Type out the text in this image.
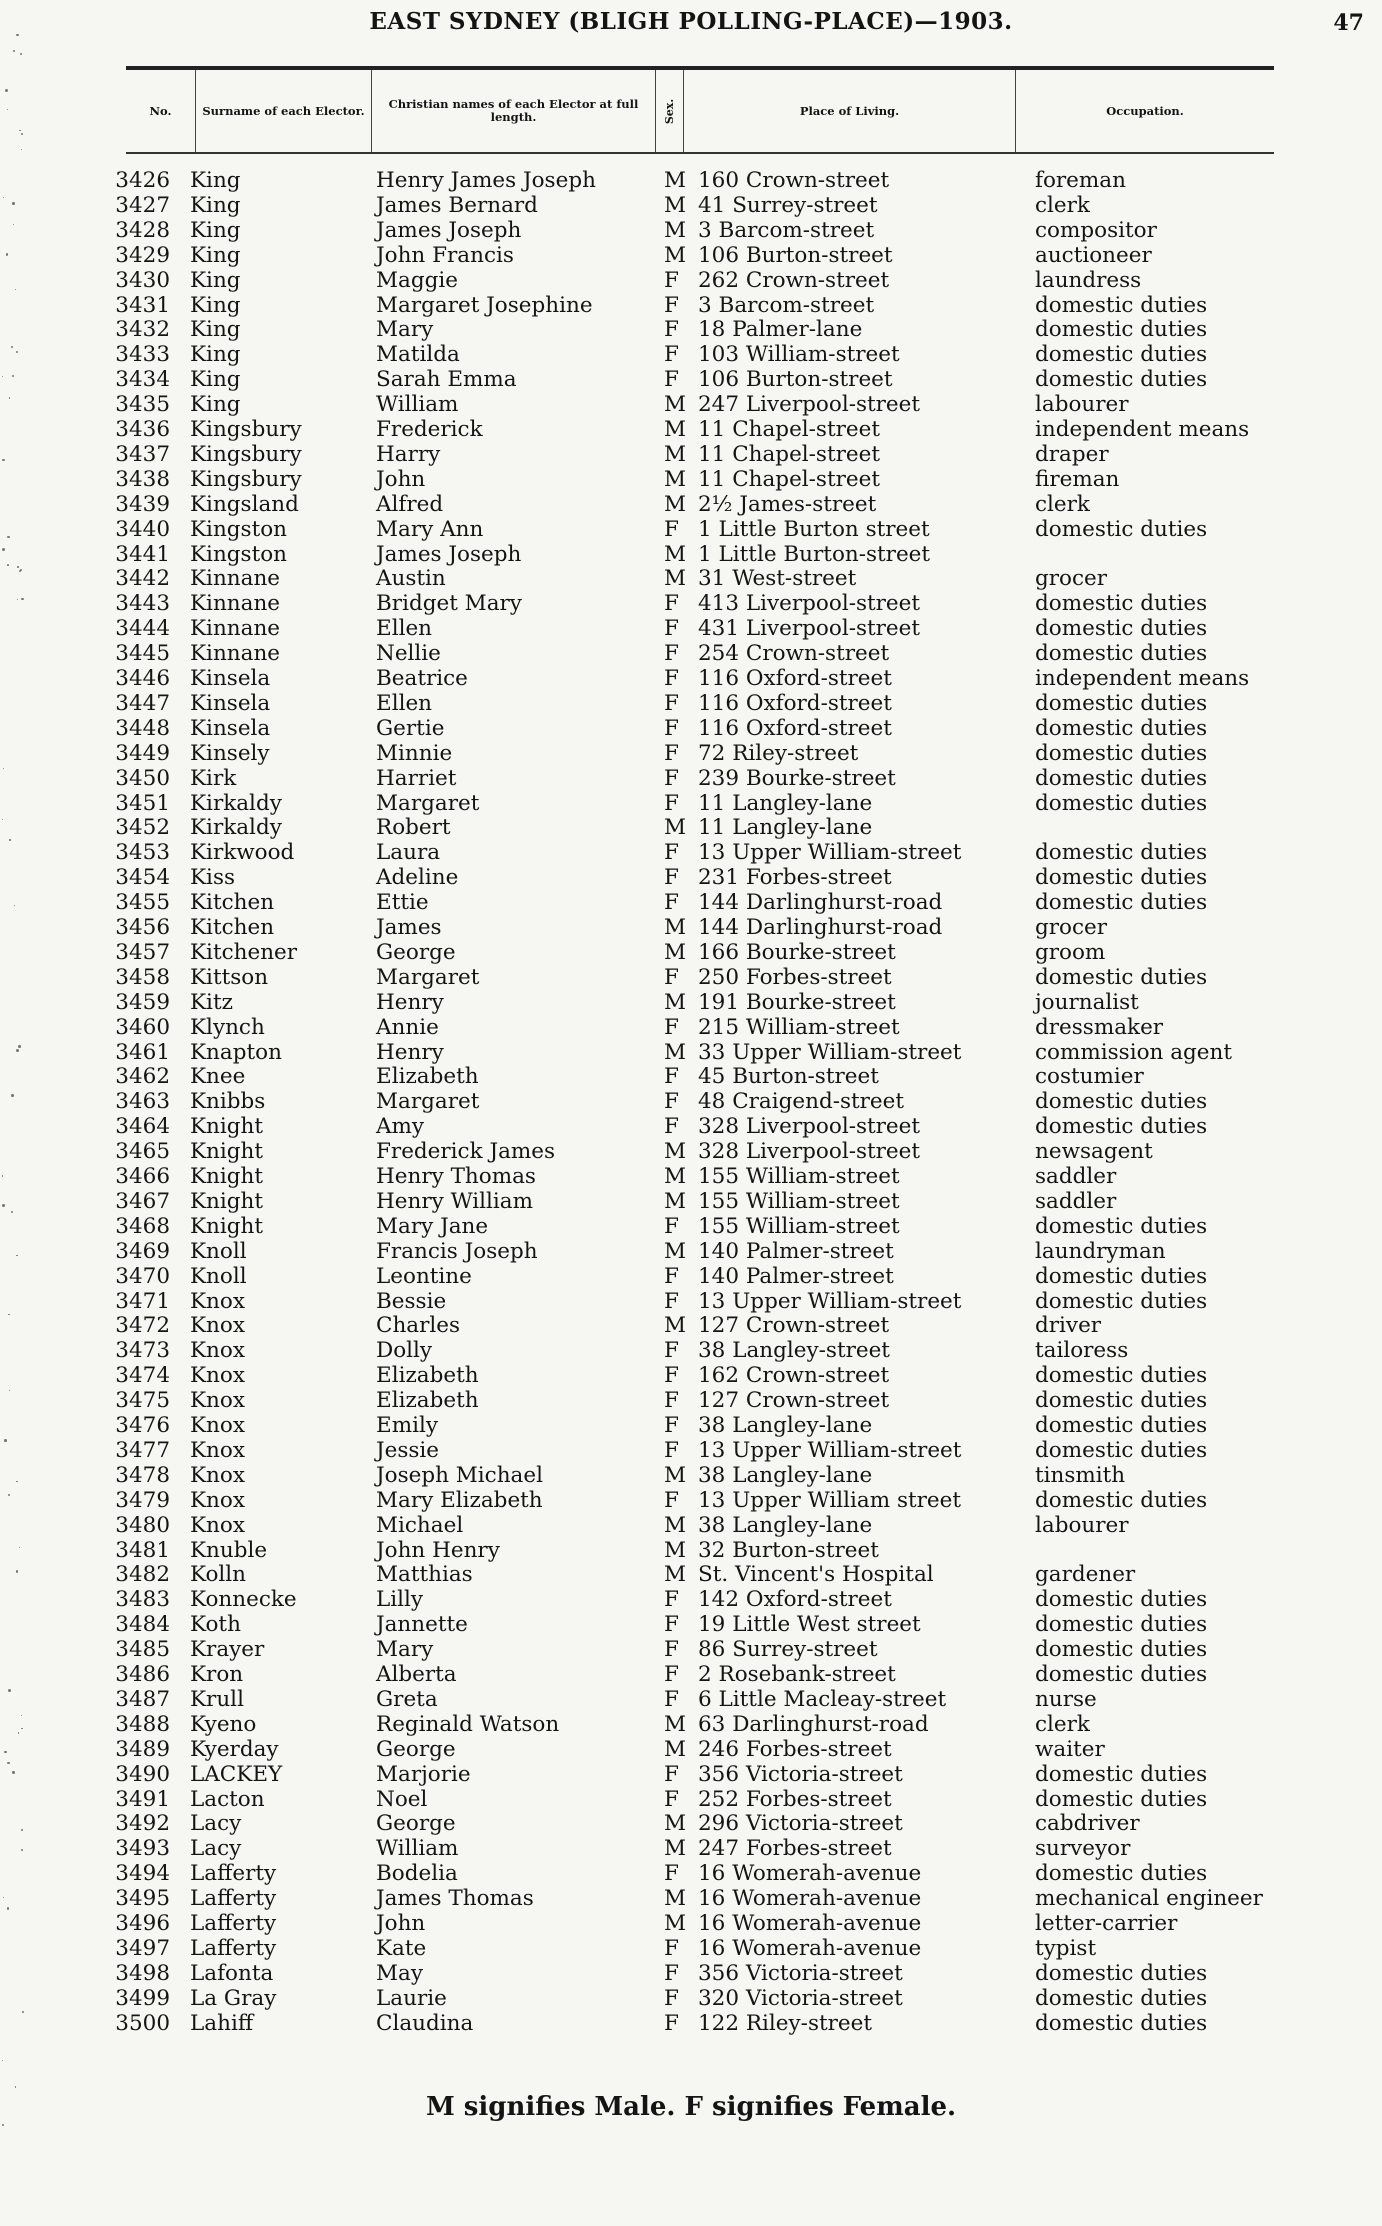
EAST SYDNEY (BLIGH POLLING-PLACE)—1903.	47
No.	Surname of each Elector.	Christian names of each Elector at full length.	Sex.	Place of Living.	Occupation.
3426 King	Henry James Joseph	M 160 Crown-street	foreman
3427 King	James Bernard	M 41 Surrey-street	clerk
3428 King	James Joseph	M 3 Barcom-street	compositor
3429 King	John Francis	M 106 Burton-street	auctioneer
3430 King	Maggie	F 262 Crown-street	laundress
3431 King	Margaret Josephine	F 3 Barcom-street	domestic duties
3432 King	Mary	F 18 Palmer-lane	domestic duties
3433 King	Matilda	F 103 William-street	domestic duties
3434 King	Sarah Emma	F 106 Burton-street	domestic duties
3435 King	William	M 247 Liverpool-street	labourer
3436 Kingsbury	Frederick	M 11 Chapel-street	independent means
3437 Kingsbury	Harry	M 11 Chapel-street	draper
3438 Kingsbury	John	M 11 Chapel-street	fireman
3439 Kingsland	Alfred	M 2½ James-street	clerk
3440 Kingston	Mary Ann	F 1 Little Burton street	domestic duties
3441 Kingston	James Joseph	M 1 Little Burton-street
3442 Kinnane	Austin	M 31 West-street	grocer
3443 Kinnane	Bridget Mary	F 413 Liverpool-street	domestic duties
3444 Kinnane	Ellen	F 431 Liverpool-street	domestic duties
3445 Kinnane	Nellie	F 254 Crown-street	domestic duties
3446 Kinsela	Beatrice	F 116 Oxford-street	independent means
3447 Kinsela	Ellen	F 116 Oxford-street	domestic duties
3448 Kinsela	Gertie	F 116 Oxford-street	domestic duties
3449 Kinsely	Minnie	F 72 Riley-street	domestic duties
3450 Kirk	Harriet	F 239 Bourke-street	domestic duties
3451 Kirkaldy	Margaret	F 11 Langley-lane	domestic duties
3452 Kirkaldy	Robert	M 11 Langley-lane
3453 Kirkwood	Laura	F 13 Upper William-street	domestic duties
3454 Kiss	Adeline	F 231 Forbes-street	domestic duties
3455 Kitchen	Ettie	F 144 Darlinghurst-road	domestic duties
3456 Kitchen	James	M 144 Darlinghurst-road	grocer
3457 Kitchener	George	M 166 Bourke-street	groom
3458 Kittson	Margaret	F 250 Forbes-street	domestic duties
3459 Kitz	Henry	M 191 Bourke-street	journalist
3460 Klynch	Annie	F 215 William-street	dressmaker
3461 Knapton	Henry	M 33 Upper William-street	commission agent
3462 Knee	Elizabeth	F 45 Burton-street	costumier
3463 Knibbs	Margaret	F 48 Craigend-street	domestic duties
3464 Knight	Amy	F 328 Liverpool-street	domestic duties
3465 Knight	Frederick James	M 328 Liverpool-street	newsagent
3466 Knight	Henry Thomas	M 155 William-street	saddler
3467 Knight	Henry William	M 155 William-street	saddler
3468 Knight	Mary Jane	F 155 William-street	domestic duties
3469 Knoll	Francis Joseph	M 140 Palmer-street	laundryman
3470 Knoll	Leontine	F 140 Palmer-street	domestic duties
3471 Knox	Bessie	F 13 Upper William-street	domestic duties
3472 Knox	Charles	M 127 Crown-street	driver
3473 Knox	Dolly	F 38 Langley-street	tailoress
3474 Knox	Elizabeth	F 162 Crown-street	domestic duties
3475 Knox	Elizabeth	F 127 Crown-street	domestic duties
3476 Knox	Emily	F 38 Langley-lane	domestic duties
3477 Knox	Jessie	F 13 Upper William-street	domestic duties
3478 Knox	Joseph Michael	M 38 Langley-lane	tinsmith
3479 Knox	Mary Elizabeth	F 13 Upper William street	domestic duties
3480 Knox	Michael	M 38 Langley-lane	labourer
3481 Knuble	John Henry	M 32 Burton-street
3482 Kolln	Matthias	M St. Vincent's Hospital	gardener
3483 Konnecke	Lilly	F 142 Oxford-street	domestic duties
3484 Koth	Jannette	F 19 Little West street	domestic duties
3485 Krayer	Mary	F 86 Surrey-street	domestic duties
3486 Kron	Alberta	F 2 Rosebank-street	domestic duties
3487 Krull	Greta	F 6 Little Macleay-street	nurse
3488 Kyeno	Reginald Watson	M 63 Darlinghurst-road	clerk
3489 Kyerday	George	M 246 Forbes-street	waiter
3490 LACKEY	Marjorie	F 356 Victoria-street	domestic duties
3491 Lacton	Noel	F 252 Forbes-street	domestic duties
3492 Lacy	George	M 296 Victoria-street	cabdriver
3493 Lacy	William	M 247 Forbes-street	surveyor
3494 Lafferty	Bodelia	F 16 Womerah-avenue	domestic duties
3495 Lafferty	James Thomas	M 16 Womerah-avenue	mechanical engineer
3496 Lafferty	John	M 16 Womerah-avenue	letter-carrier
3497 Lafferty	Kate	F 16 Womerah-avenue	typist
3498 Lafonta	May	F 356 Victoria-street	domestic duties
3499 La Gray	Laurie	F 320 Victoria-street	domestic duties
3500 Lahiff	Claudina	F 122 Riley-street	domestic duties
M signifies Male. F signifies Female.
